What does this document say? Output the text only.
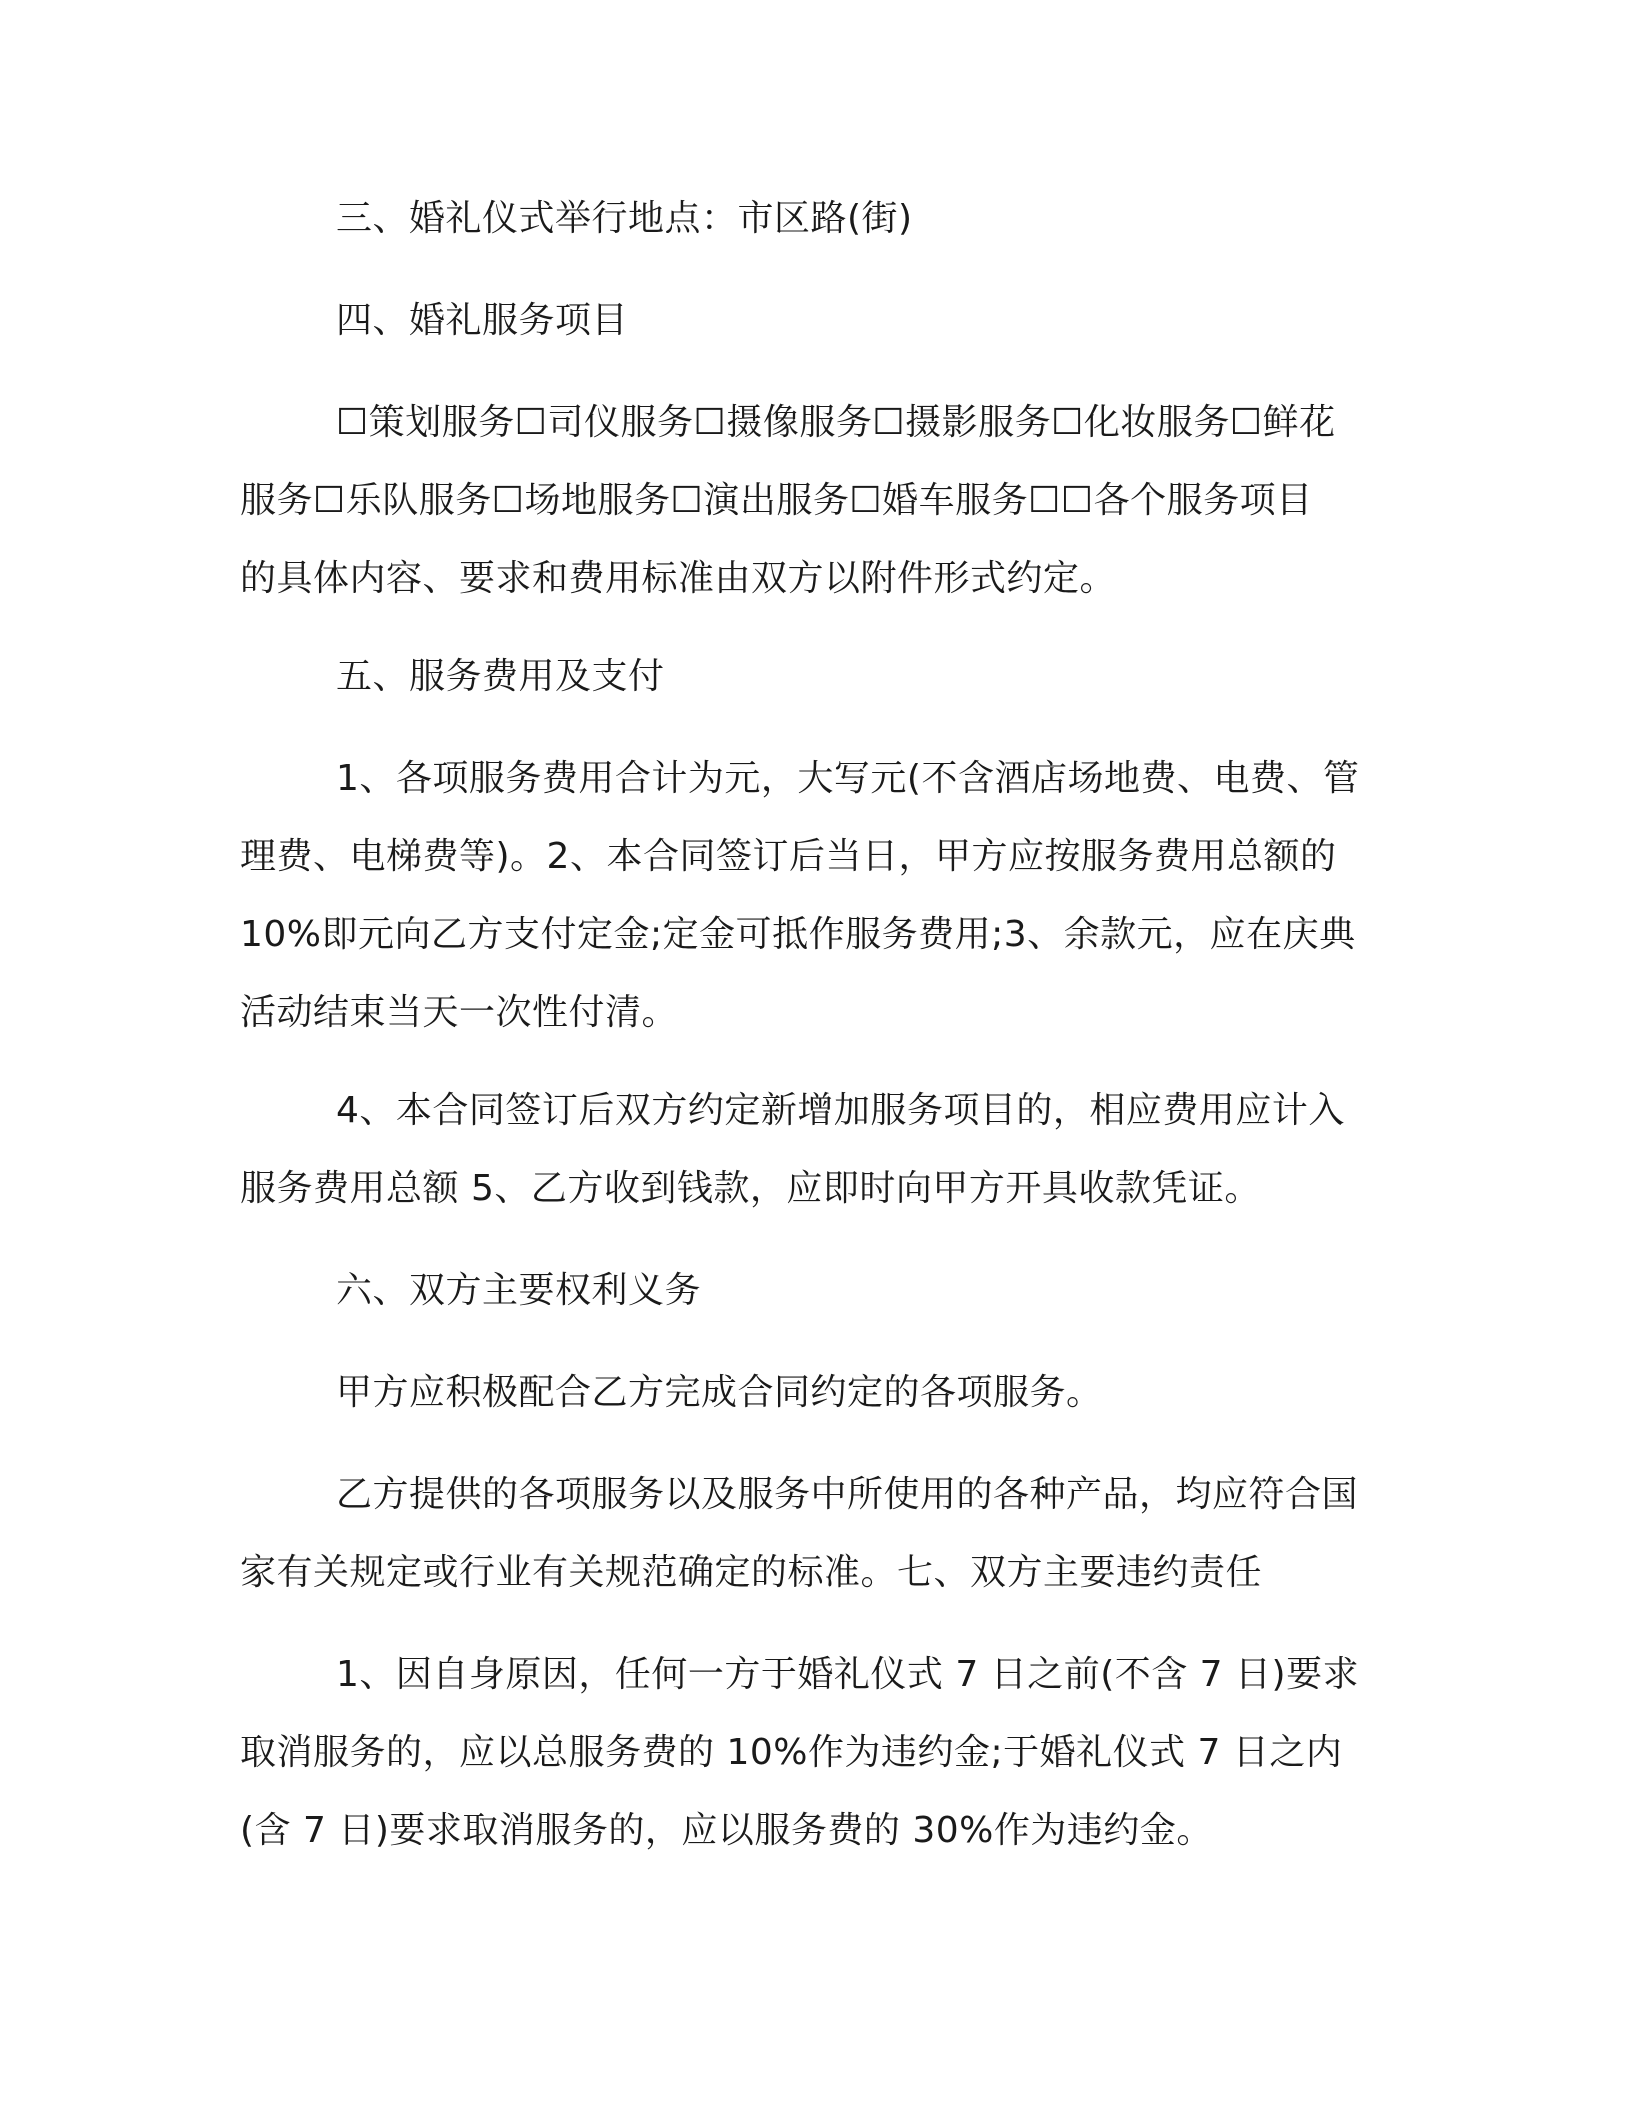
三、婚礼仪式举行地点：市区路(街)

四、婚礼服务项目

☐策划服务☐司仪服务☐摄像服务☐摄影服务☐化妆服务☐鲜花
服务☐乐队服务☐场地服务☐演出服务☐婚车服务☐☐各个服务项目
的具体内容、要求和费用标准由双方以附件形式约定。

五、服务费用及支付

1、各项服务费用合计为元，大写元(不含酒店场地费、电费、管
理费、电梯费等)。2、本合同签订后当日，甲方应按服务费用总额的
10%即元向乙方支付定金;定金可抵作服务费用;3、余款元，应在庆典
活动结束当天一次性付清。
4、本合同签订后双方约定新增加服务项目的，相应费用应计入
服务费用总额 5、乙方收到钱款，应即时向甲方开具收款凭证。

六、双方主要权利义务

甲方应积极配合乙方完成合同约定的各项服务。

乙方提供的各项服务以及服务中所使用的各种产品，均应符合国
家有关规定或行业有关规范确定的标准。七、双方主要违约责任
1、因自身原因，任何一方于婚礼仪式 7 日之前(不含 7 日)要求
取消服务的，应以总服务费的 10%作为违约金;于婚礼仪式 7 日之内
(含 7 日)要求取消服务的，应以服务费的 30%作为违约金。
